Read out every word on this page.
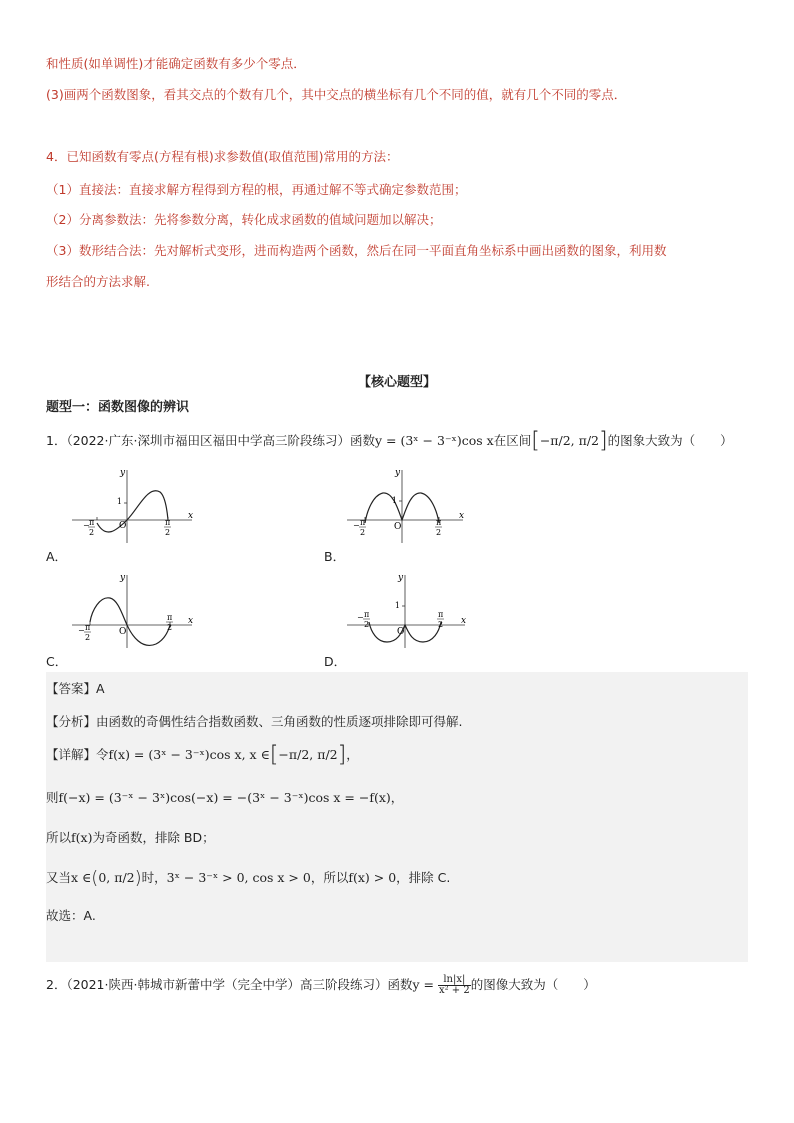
和性质(如单调性)才能确定函数有多少个零点．
(3)画两个函数图象，看其交点的个数有几个，其中交点的横坐标有几个不同的值，就有几个不同的零点．
4．已知函数有零点(方程有根)求参数值(取值范围)常用的方法：
（1）直接法：直接求解方程得到方程的根，再通过解不等式确定参数范围；
（2）分离参数法：先将参数分离，转化成求函数的值域问题加以解决；
（3）数形结合法：先对解析式变形，进而构造两个函数，然后在同一平面直角坐标系中画出函数的图象，利用数
形结合的方法求解.
【核心题型】
题型一：函数图像的辨识
1．（2022·广东·深圳市福田区福田中学高三阶段练习）函数y = (3ˣ − 3⁻ˣ)cos x在区间[−π/2, π/2]的图象大致为（　　）
y
x
O
1
− π
2
π
2
A．
y
x
O
1
− π
2
π
2
B．
y
x
O
− π
2
π
2
C．
y
x
O
1
− π
2
π
2
D．
【答案】A
【分析】由函数的奇偶性结合指数函数、三角函数的性质逐项排除即可得解.
【详解】令f(x) = (3ˣ − 3⁻ˣ)cos x, x ∈[−π/2, π/2]，
则f(−x) = (3⁻ˣ − 3ˣ)cos(−x) = −(3ˣ − 3⁻ˣ)cos x = −f(x)，
所以f(x)为奇函数，排除 BD；
又当x ∈(0, π/2)时，3ˣ − 3⁻ˣ > 0, cos x > 0，所以f(x) > 0，排除 C.
故选：A.
2．（2021·陕西·韩城市新蕾中学（完全中学）高三阶段练习）函数$y = \frac{\ln|x|}{\text{x² + 2}}$ 的图像大致为（　　）
